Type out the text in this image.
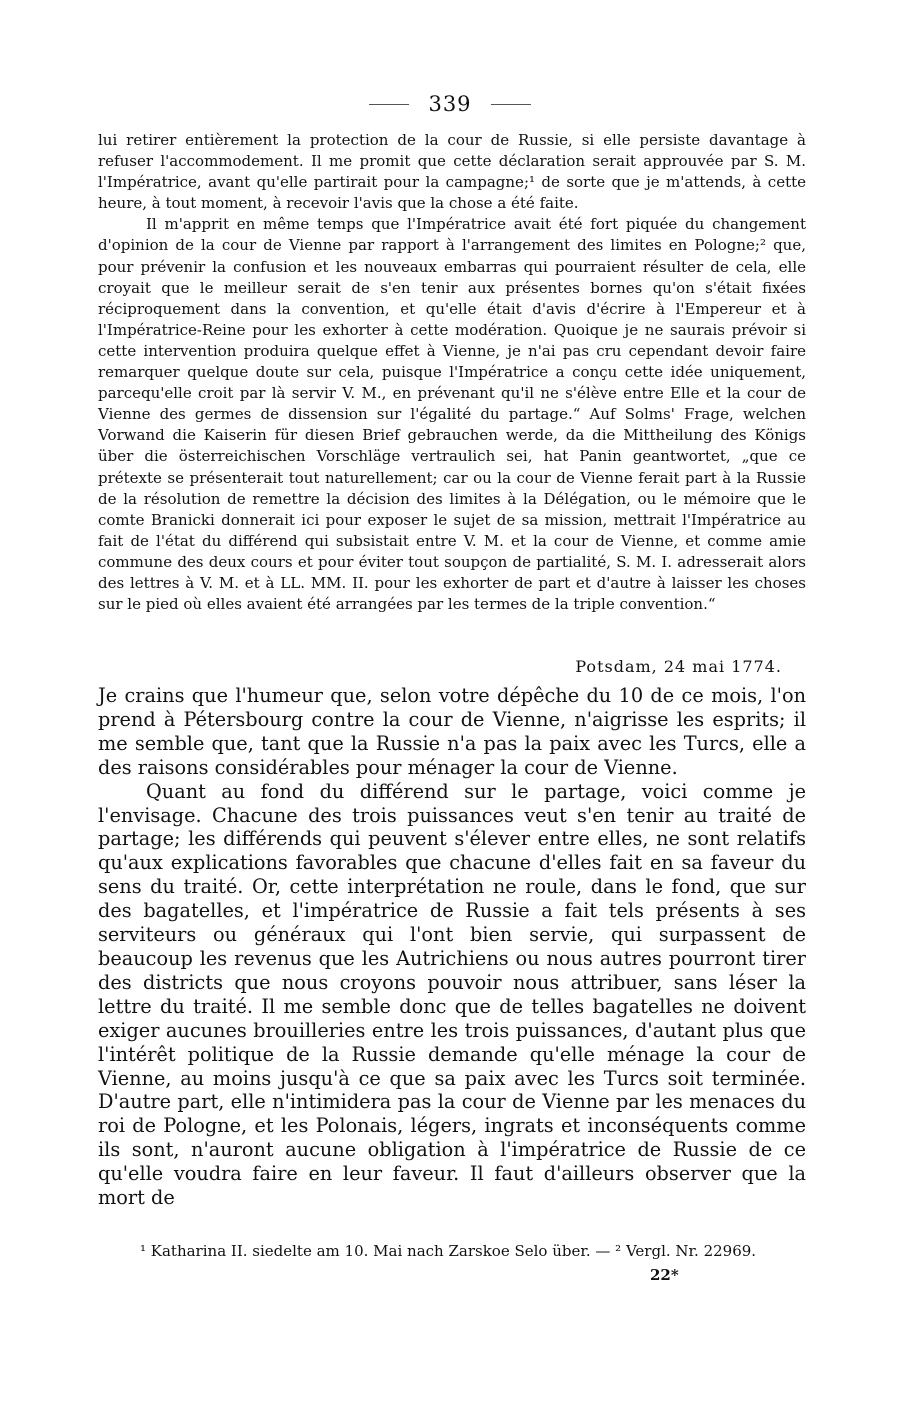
339

lui retirer entièrement la protection de la cour de Russie, si elle persiste davantage à refuser l'accommodement. Il me promit que cette déclaration serait approuvée par S. M. l'Impératrice, avant qu'elle partirait pour la campagne;¹ de sorte que je m'attends, à cette heure, à tout moment, à recevoir l'avis que la chose a été faite.

Il m'apprit en même temps que l'Impératrice avait été fort piquée du changement d'opinion de la cour de Vienne par rapport à l'arrangement des limites en Pologne;² que, pour prévenir la confusion et les nouveaux embarras qui pourraient résulter de cela, elle croyait que le meilleur serait de s'en tenir aux présentes bornes qu'on s'était fixées réciproquement dans la convention, et qu'elle était d'avis d'écrire à l'Empereur et à l'Impératrice-Reine pour les exhorter à cette modération. Quoique je ne saurais prévoir si cette intervention produira quelque effet à Vienne, je n'ai pas cru cependant devoir faire remarquer quelque doute sur cela, puisque l'Impératrice a conçu cette idée uniquement, parcequ'elle croit par là servir V. M., en prévenant qu'il ne s'élève entre Elle et la cour de Vienne des germes de dissension sur l'égalité du partage.“ Auf Solms' Frage, welchen Vorwand die Kaiserin für diesen Brief gebrauchen werde, da die Mittheilung des Königs über die österreichischen Vorschläge vertraulich sei, hat Panin geantwortet, „que ce prétexte se présenterait tout naturellement; car ou la cour de Vienne ferait part à la Russie de la résolution de remettre la décision des limites à la Délégation, ou le mémoire que le comte Branicki donnerait ici pour exposer le sujet de sa mission, mettrait l'Impératrice au fait de l'état du différend qui subsistait entre V. M. et la cour de Vienne, et comme amie commune des deux cours et pour éviter tout soupçon de partialité, S. M. I. adresserait alors des lettres à V. M. et à LL. MM. II. pour les exhorter de part et d'autre à laisser les choses sur le pied où elles avaient été arrangées par les termes de la triple convention.“

Potsdam, 24 mai 1774.

Je crains que l'humeur que, selon votre dépêche du 10 de ce mois, l'on prend à Pétersbourg contre la cour de Vienne, n'aigrisse les esprits; il me semble que, tant que la Russie n'a pas la paix avec les Turcs, elle a des raisons considérables pour ménager la cour de Vienne.

Quant au fond du différend sur le partage, voici comme je l'envisage. Chacune des trois puissances veut s'en tenir au traité de partage; les différends qui peuvent s'élever entre elles, ne sont relatifs qu'aux explications favorables que chacune d'elles fait en sa faveur du sens du traité. Or, cette interprétation ne roule, dans le fond, que sur des bagatelles, et l'impératrice de Russie a fait tels présents à ses serviteurs ou généraux qui l'ont bien servie, qui surpassent de beaucoup les revenus que les Autrichiens ou nous autres pourront tirer des districts que nous croyons pouvoir nous attribuer, sans léser la lettre du traité. Il me semble donc que de telles bagatelles ne doivent exiger aucunes brouilleries entre les trois puissances, d'autant plus que l'intérêt politique de la Russie demande qu'elle ménage la cour de Vienne, au moins jusqu'à ce que sa paix avec les Turcs soit terminée. D'autre part, elle n'intimidera pas la cour de Vienne par les menaces du roi de Pologne, et les Polonais, légers, ingrats et inconséquents comme ils sont, n'auront aucune obligation à l'impératrice de Russie de ce qu'elle voudra faire en leur faveur. Il faut d'ailleurs observer que la mort de

¹ Katharina II. siedelte am 10. Mai nach Zarskoe Selo über. — ² Vergl. Nr. 22969.
22*
